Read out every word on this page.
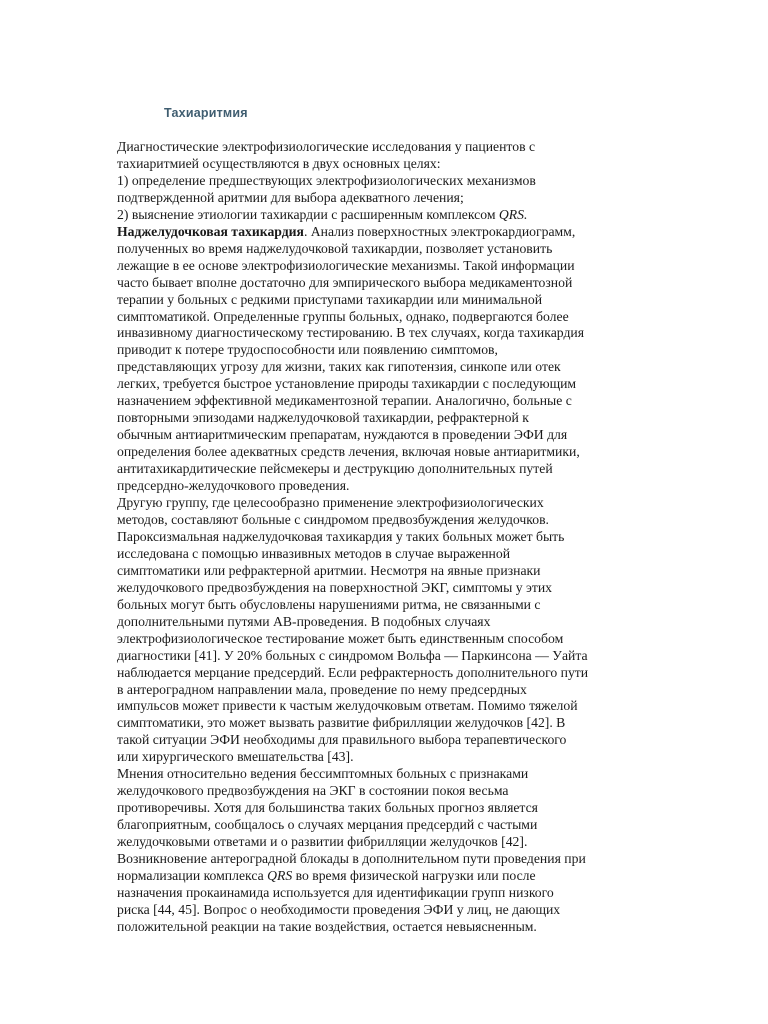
Тахиаритмия
Диагностические электрофизиологические исследования у пациентов с
тахиаритмией осуществляются в двух основных целях:
1) определение предшествующих электрофизиологических механизмов
подтвержденной аритмии для выбора адекватного лечения;
2) выяснение этиологии тахикардии с расширенным комплексом QRS.
Наджелудочковая тахикардия. Анализ поверхностных электрокардиограмм,
полученных во время наджелудочковой тахикардии, позволяет установить
лежащие в ее основе электрофизиологические механизмы. Такой информации
часто бывает вполне достаточно для эмпирического выбора медикаментозной
терапии у больных с редкими приступами тахикардии или минимальной
симптоматикой. Определенные группы больных, однако, подвергаются более
инвазивному диагностическому тестированию. В тех случаях, когда тахикардия
приводит к потере трудоспособности или появлению симптомов,
представляющих угрозу для жизни, таких как гипотензия, синкопе или отек
легких, требуется быстрое установление природы тахикардии с последующим
назначением эффективной медикаментозной терапии. Аналогично, больные с
повторными эпизодами наджелудочковой тахикардии, рефрактерной к
обычным антиаритмическим препаратам, нуждаются в проведении ЭФИ для
определения более адекватных средств лечения, включая новые антиаритмики,
антитахикардитические пейсмекеры и деструкцию дополнительных путей
предсердно-желудочкового проведения.
Другую группу, где целесообразно применение электрофизиологических
методов, составляют больные с синдромом предвозбуждения желудочков.
Пароксизмальная наджелудочковая тахикардия у таких больных может быть
исследована с помощью инвазивных методов в случае выраженной
симптоматики или рефрактерной аритмии. Несмотря на явные признаки
желудочкового предвозбуждения на поверхностной ЭКГ, симптомы у этих
больных могут быть обусловлены нарушениями ритма, не связанными с
дополнительными путями АВ-проведения. В подобных случаях
электрофизиологическое тестирование может быть единственным способом
диагностики [41]. У 20% больных с синдромом Вольфа — Паркинсона — Уайта
наблюдается мерцание предсердий. Если рефрактерность дополнительного пути
в антероградном направлении мала, проведение по нему предсердных
импульсов может привести к частым желудочковым ответам. Помимо тяжелой
симптоматики, это может вызвать развитие фибрилляции желудочков [42]. В
такой ситуации ЭФИ необходимы для правильного выбора терапевтического
или хирургического вмешательства [43].
Мнения относительно ведения бессимптомных больных с признаками
желудочкового предвозбуждения на ЭКГ в состоянии покоя весьма
противоречивы. Хотя для большинства таких больных прогноз является
благоприятным, сообщалось о случаях мерцания предсердий с частыми
желудочковыми ответами и о развитии фибрилляции желудочков [42].
Возникновение антероградной блокады в дополнительном пути проведения при
нормализации комплекса QRS во время физической нагрузки или после
назначения прокаинамида используется для идентификации групп низкого
риска [44, 45]. Вопрос о необходимости проведения ЭФИ у лиц, не дающих
положительной реакции на такие воздействия, остается невыясненным.
